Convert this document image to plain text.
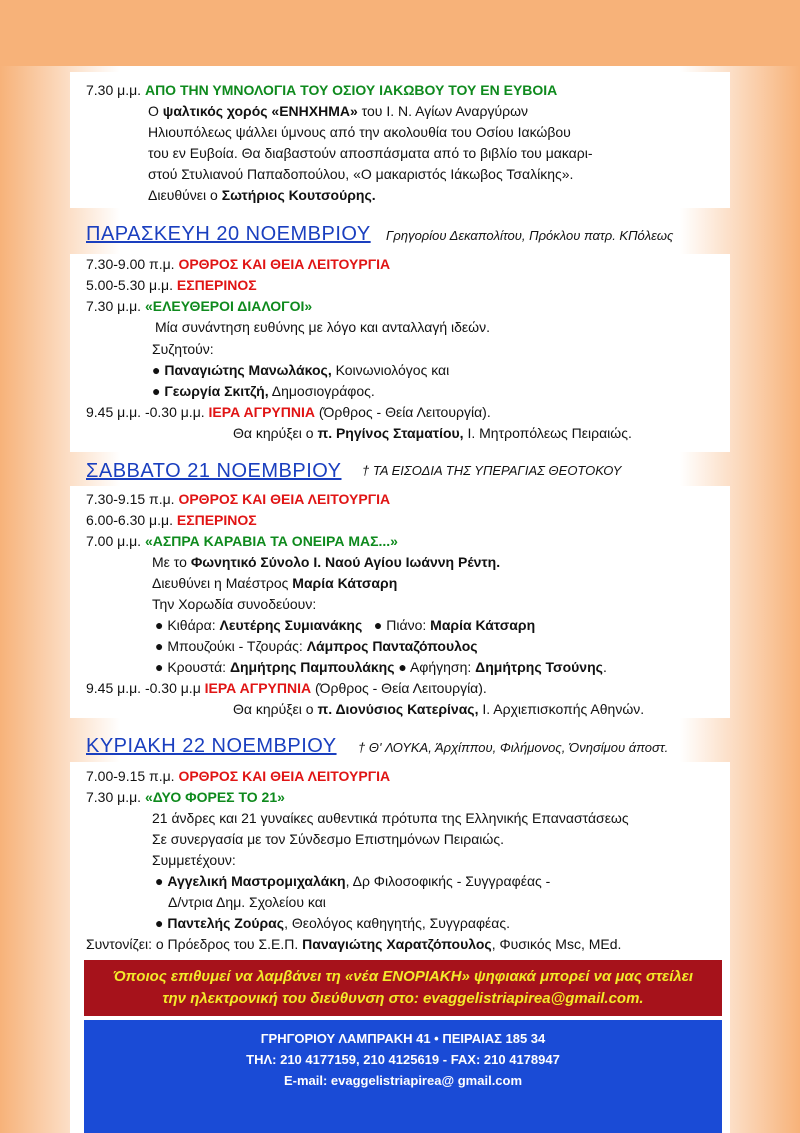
7.30 μ.μ. ΑΠΟ ΤΗΝ ΥΜΝΟΛΟΓΙΑ ΤΟΥ ΟΣΙΟΥ ΙΑΚΩΒΟΥ ΤΟΥ ΕΝ ΕΥΒΟΙΑ
Ο ψαλτικός χορός «ΕΝΗΧΗΜΑ» του Ι. Ν. Αγίων Αναργύρων
Ηλιουπόλεως ψάλλει ύμνους από την ακολουθία του Οσίου Ιακώβου
του εν Ευβοία. Θα διαβαστούν αποσπάσματα από το βιβλίο του μακαρι-
στού Στυλιανού Παπαδοπούλου, «Ο μακαριστός Ιάκωβος Τσαλίκης».
Διευθύνει ο Σωτήριος Κουτσούρης.
ΠΑΡΑΣΚΕΥΗ 20 ΝΟΕΜΒΡΙΟΥ Γρηγορίου Δεκαπολίτου, Πρόκλου πατρ. ΚΠόλεως
7.30-9.00 π.μ. ΟΡΘΡΟΣ ΚΑΙ ΘΕΙΑ ΛΕΙΤΟΥΡΓΙΑ
5.00-5.30 μ.μ. ΕΣΠΕΡΙΝΟΣ
7.30 μ.μ. «ΕΛΕΥΘΕΡΟΙ ΔΙΑΛΟΓΟΙ»
Μία συνάντηση ευθύνης με λόγο και ανταλλαγή ιδεών.
Συζητούν:
● Παναγιώτης Μανωλάκος, Κοινωνιολόγος και
● Γεωργία Σκιτζή, Δημοσιογράφος.
9.45 μ.μ. -0.30 μ.μ. ΙΕΡΑ ΑΓΡΥΠΝΙΑ (Όρθρος - Θεία Λειτουργία).
Θα κηρύξει ο π. Ρηγίνος Σταματίου, Ι. Μητροπόλεως Πειραιώς.
ΣΑΒΒΑΤΟ 21 ΝΟΕΜΒΡΙΟΥ † ΤΑ ΕΙΣΟΔΙΑ ΤΗΣ ΥΠΕΡΑΓΙΑΣ ΘΕΟΤΟΚΟΥ
7.30-9.15 π.μ. ΟΡΘΡΟΣ ΚΑΙ ΘΕΙΑ ΛΕΙΤΟΥΡΓΙΑ
6.00-6.30 μ.μ. ΕΣΠΕΡΙΝΟΣ
7.00 μ.μ. «ΑΣΠΡΑ ΚΑΡΑΒΙΑ ΤΑ ΟΝΕΙΡΑ ΜΑΣ...»
Με το Φωνητικό Σύνολο Ι. Ναού Αγίου Ιωάννη Ρέντη.
Διευθύνει η Μαέστρος Μαρία Κάτσαρη
Την Χορωδία συνοδεύουν:
● Κιθάρα: Λευτέρης Συμιανάκης   ● Πιάνο: Μαρία Κάτσαρη
● Μπουζούκι - Τζουράς: Λάμπρος Πανταζόπουλος
● Κρουστά: Δημήτρης Παμπουλάκης ● Αφήγηση: Δημήτρης Τσούνης.
9.45 μ.μ. -0.30 μ.μ ΙΕΡΑ ΑΓΡΥΠΝΙΑ (Όρθρος - Θεία Λειτουργία).
Θα κηρύξει ο π. Διονύσιος Κατερίνας, Ι. Αρχιεπισκοπής Αθηνών.
ΚΥΡΙΑΚΗ 22 ΝΟΕΜΒΡΙΟΥ † Θ' ΛΟΥΚΑ, Άρχίππου, Φιλήμονος, Όνησίμου άποστ.
7.00-9.15 π.μ. ΟΡΘΡΟΣ ΚΑΙ ΘΕΙΑ ΛΕΙΤΟΥΡΓΙΑ
7.30 μ.μ. «ΔΥΟ ΦΟΡΕΣ ΤΟ 21»
21 άνδρες και 21 γυναίκες αυθεντικά πρότυπα της Ελληνικής Επαναστάσεως
Σε συνεργασία με τον Σύνδεσμο Επιστημόνων Πειραιώς.
Συμμετέχουν:
● Αγγελική Μαστρομιχαλάκη, Δρ Φιλοσοφικής - Συγγραφέας -
Δ/ντρια Δημ. Σχολείου και
● Παντελής Ζούρας, Θεολόγος καθηγητής, Συγγραφέας.
Συντονίζει: ο Πρόεδρος του Σ.Ε.Π. Παναγιώτης Χαρατζόπουλος, Φυσικός Msc, MEd.
Όποιος επιθυμεί να λαμβάνει τη «νέα ΕΝΟΡΙΑΚΗ» ψηφιακά μπορεί να μας στείλει
την ηλεκτρονική του διεύθυνση στο: evaggelistriapirea@gmail.com.
ΓΡΗΓΟΡΙΟΥ ΛΑΜΠΡΑΚΗ 41 • ΠΕΙΡΑΙΑΣ 185 34
ΤΗΛ: 210 4177159, 210 4125619 - FAX: 210 4178947
E-mail: evaggelistriapirea@ gmail.com
